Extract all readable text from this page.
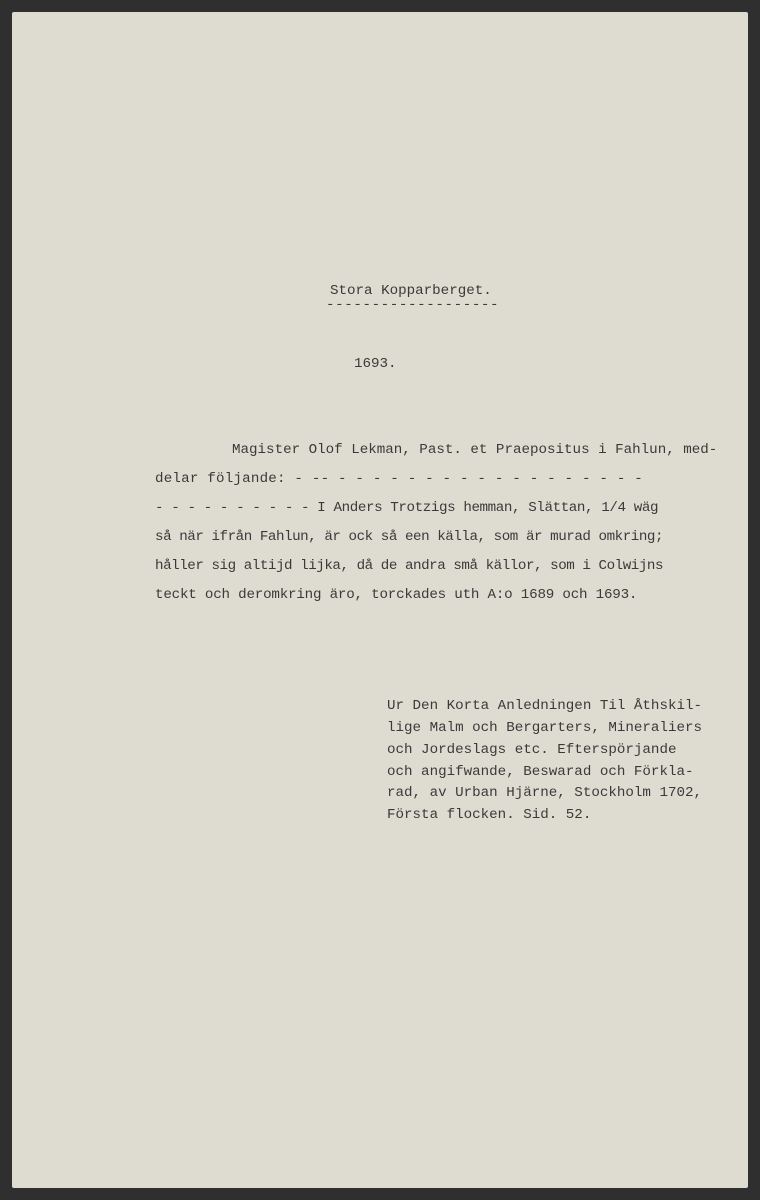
Stora Kopparberget.
-------------------
1693.
Magister Olof Lekman, Past. et Praepositus i Fahlun, med-
delar följande: - -- - - - - - - - - - - - - - - - - - -
- - - - - - - - - - I Anders Trotzigs hemman, Slättan, 1/4 wäg
så när ifrån Fahlun, är ock så een källa, som är murad omkring;
håller sig altijd lijka, då de andra små källor, som i Colwijns
teckt och deromkring äro, torckades uth A:o 1689 och 1693.
Ur Den Korta Anledningen Til Åthskil-
lige Malm och Bergarters, Mineraliers
och Jordeslags etc. Efterspörjande
och angifwande, Beswarad och Förkla-
rad, av Urban Hjärne, Stockholm 1702,
Första flocken. Sid. 52.
